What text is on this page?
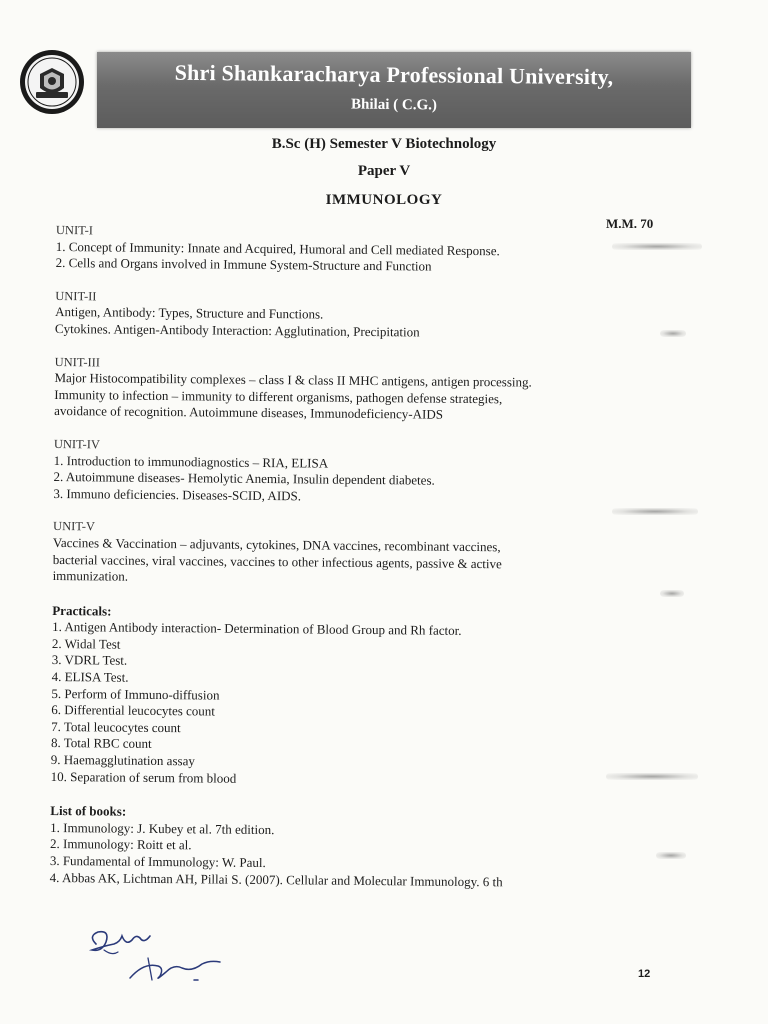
Shri Shankaracharya Professional University,
Bhilai ( C.G.)
B.Sc (H) Semester V Biotechnology
Paper V
IMMUNOLOGY
M.M. 70
UNIT-I
1. Concept of Immunity: Innate and Acquired, Humoral and Cell mediated Response.
2. Cells and Organs involved in Immune System-Structure and Function
UNIT-II
Antigen, Antibody: Types, Structure and Functions.
Cytokines. Antigen-Antibody Interaction: Agglutination, Precipitation
UNIT-III
Major Histocompatibility complexes – class I & class II MHC antigens, antigen processing.
Immunity to infection – immunity to different organisms, pathogen defense strategies,
avoidance of recognition. Autoimmune diseases, Immunodeficiency-AIDS
UNIT-IV
1. Introduction to immunodiagnostics – RIA, ELISA
2. Autoimmune diseases- Hemolytic Anemia, Insulin dependent diabetes.
3. Immuno deficiencies. Diseases-SCID, AIDS.
UNIT-V
Vaccines & Vaccination – adjuvants, cytokines, DNA vaccines, recombinant vaccines,
bacterial vaccines, viral vaccines, vaccines to other infectious agents, passive & active
immunization.
Practicals:
1. Antigen Antibody interaction- Determination of Blood Group and Rh factor.
2. Widal Test
3. VDRL Test.
4. ELISA Test.
5. Perform of Immuno-diffusion
6. Differential leucocytes count
7. Total leucocytes count
8. Total RBC count
9. Haemagglutination assay
10. Separation of serum from blood
List of books:
1. Immunology: J. Kubey et al. 7th edition.
2. Immunology: Roitt et al.
3. Fundamental of Immunology: W. Paul.
4. Abbas AK, Lichtman AH, Pillai S. (2007). Cellular and Molecular Immunology. 6 th
12
